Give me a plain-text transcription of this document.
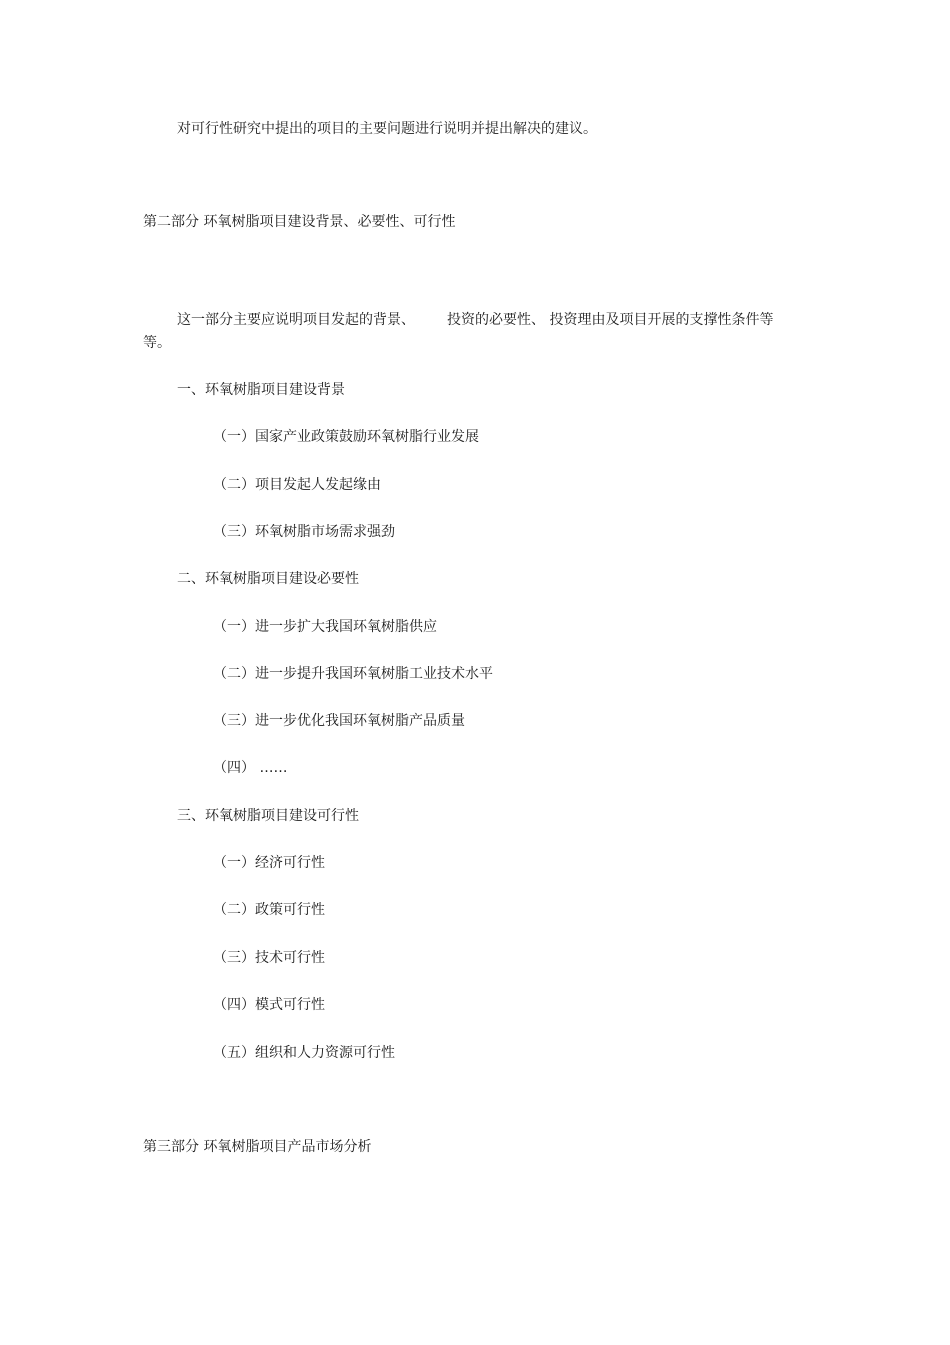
对可行性研究中提出的项目的主要问题进行说明并提出解决的建议。
第二部分 环氧树脂项目建设背景、必要性、可行性
这一部分主要应说明项目发起的背景、 投资的必要性、 投资理由及项目开展的支撑性条件等等。
一、环氧树脂项目建设背景
（一）国家产业政策鼓励环氧树脂行业发展
（二）项目发起人发起缘由
（三）环氧树脂市场需求强劲
二、环氧树脂项目建设必要性
（一）进一步扩大我国环氧树脂供应
（二）进一步提升我国环氧树脂工业技术水平
（三）进一步优化我国环氧树脂产品质量
（四） ……
三、环氧树脂项目建设可行性
（一）经济可行性
（二）政策可行性
（三）技术可行性
（四）模式可行性
（五）组织和人力资源可行性
第三部分 环氧树脂项目产品市场分析
